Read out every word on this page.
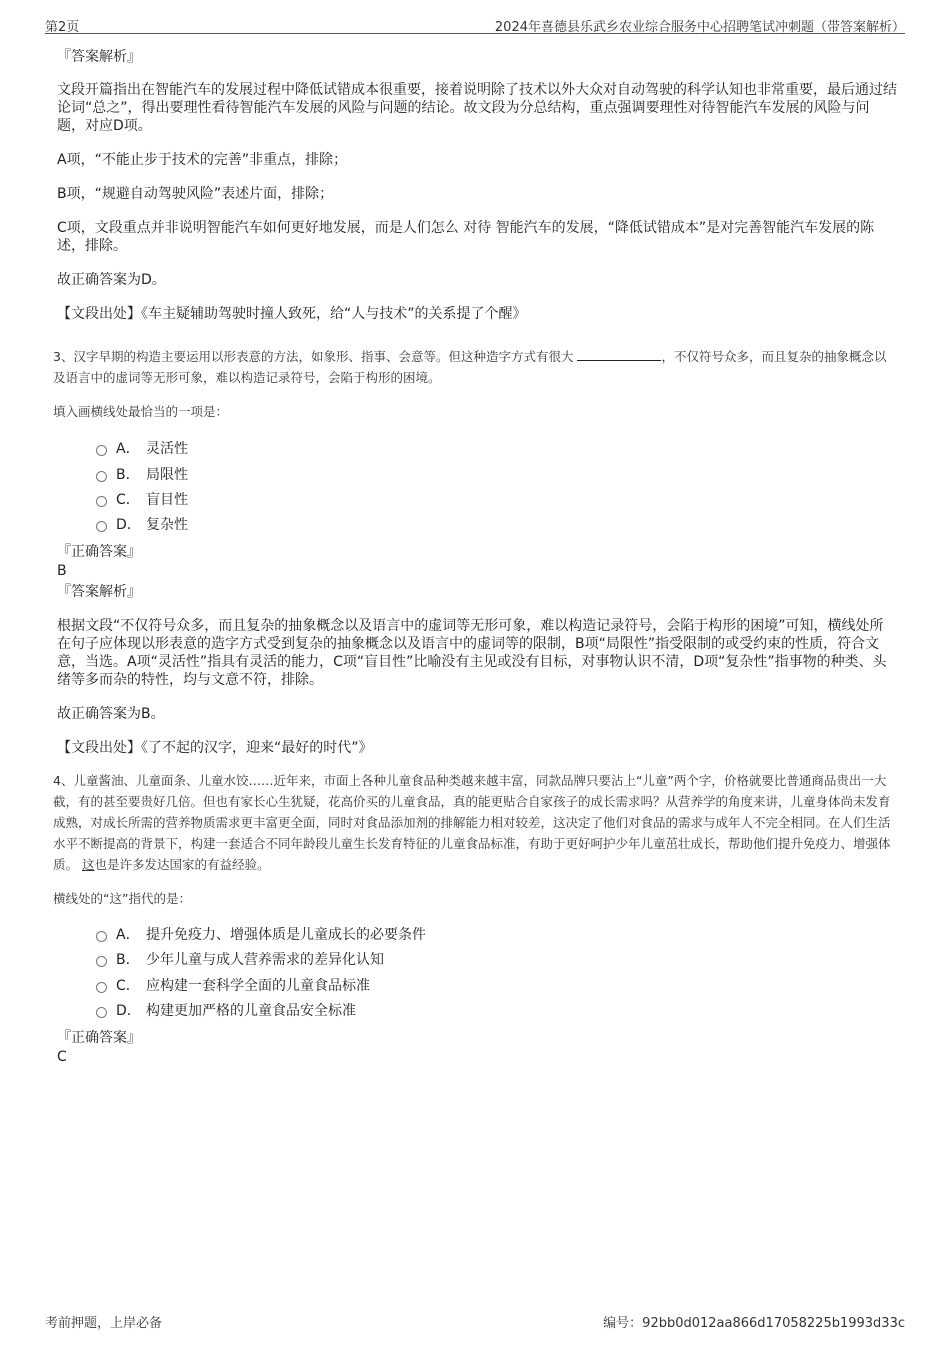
第2页	2024年喜德县乐武乡农业综合服务中心招聘笔试冲刺题（带答案解析）
『答案解析』

文段开篇指出在智能汽车的发展过程中降低试错成本很重要，接着说明除了技术以外大众对自动驾驶的科学认知也非常重要，最后通过结论词“总之”，得出要理性看待智能汽车发展的风险与问题的结论。故文段为分总结构，重点强调要理性对待智能汽车发展的风险与问题，对应D项。

A项，“不能止步于技术的完善”非重点，排除；

B项，“规避自动驾驶风险”表述片面，排除；

C项，文段重点并非说明智能汽车如何更好地发展，而是人们怎么 对待 智能汽车的发展，“降低试错成本”是对完善智能汽车发展的陈述，排除。

故正确答案为D。

【文段出处】《车主疑辅助驾驶时撞人致死，给“人与技术”的关系提了个醒》

3、汉字早期的构造主要运用以形表意的方法，如象形、指事、会意等。但这种造字方式有很大	，不仅符号众多，而且复杂的抽象概念以及语言中的虚词等无形可象，难以构造记录符号，会陷于构形的困境。

填入画横线处最恰当的一项是：
A． 灵活性
B． 局限性
C． 盲目性
D． 复杂性
『正确答案』
B
『答案解析』

根据文段“不仅符号众多，而且复杂的抽象概念以及语言中的虚词等无形可象，难以构造记录符号，会陷于构形的困境”可知，横线处所在句子应体现以形表意的造字方式受到复杂的抽象概念以及语言中的虚词等的限制，B项“局限性”指受限制的或受约束的性质，符合文意，当选。A项“灵活性”指具有灵活的能力，C项“盲目性”比喻没有主见或没有目标，对事物认识不清，D项“复杂性”指事物的种类、头绪等多而杂的特性，均与文意不符，排除。

故正确答案为B。

【文段出处】《了不起的汉字，迎来“最好的时代”》

4、儿童酱油、儿童面条、儿童水饺……近年来，市面上各种儿童食品种类越来越丰富，同款品牌只要沾上“儿童”两个字，价格就要比普通商品贵出一大截，有的甚至要贵好几倍。但也有家长心生犹疑，花高价买的儿童食品，真的能更贴合自家孩子的成长需求吗？从营养学的角度来讲，儿童身体尚未发育成熟，对成长所需的营养物质需求更丰富更全面，同时对食品添加剂的排解能力相对较差，这决定了他们对食品的需求与成年人不完全相同。在人们生活水平不断提高的背景下，构建一套适合不同年龄段儿童生长发育特征的儿童食品标准，有助于更好呵护少年儿童茁壮成长，帮助他们提升免疫力、增强体质。 这也是许多发达国家的有益经验。

横线处的“这”指代的是：
A． 提升免疫力、增强体质是儿童成长的必要条件
B． 少年儿童与成人营养需求的差异化认知
C． 应构建一套科学全面的儿童食品标准
D． 构建更加严格的儿童食品安全标准
『正确答案』
C
考前押题，上岸必备	编号：92bb0d012aa866d17058225b1993d33c
